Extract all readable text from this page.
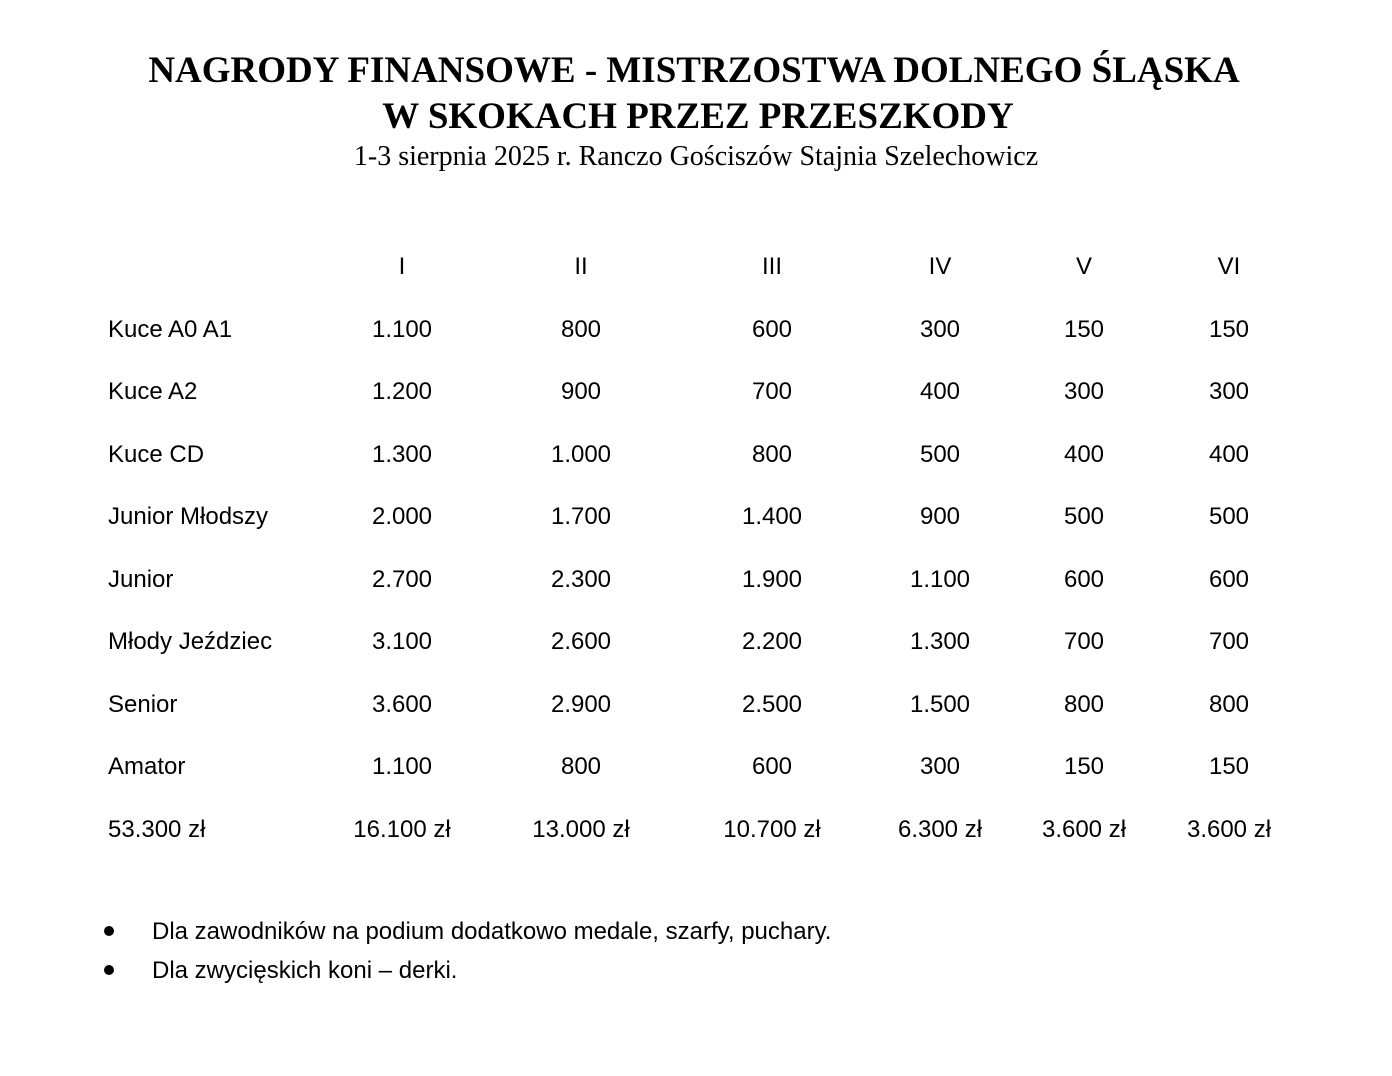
NAGRODY FINANSOWE - MISTRZOSTWA DOLNEGO ŚLĄSKA
W SKOKACH PRZEZ PRZESZKODY

1-3 sierpnia 2025 r. Ranczo Gościszów Stajnia Szelechowicz

	I	II	III	IV	V	VI
Kuce A0 A1	1.100	800	600	300	150	150
Kuce A2	1.200	900	700	400	300	300
Kuce CD	1.300	1.000	800	500	400	400
Junior Młodszy	2.000	1.700	1.400	900	500	500
Junior	2.700	2.300	1.900	1.100	600	600
Młody Jeździec	3.100	2.600	2.200	1.300	700	700
Senior	3.600	2.900	2.500	1.500	800	800
Amator	1.100	800	600	300	150	150
53.300 zł	16.100 zł	13.000 zł	10.700 zł	6.300 zł	3.600 zł	3.600 zł
Dla zawodników na podium dodatkowo medale, szarfy, puchary.
Dla zwycięskich koni – derki.
